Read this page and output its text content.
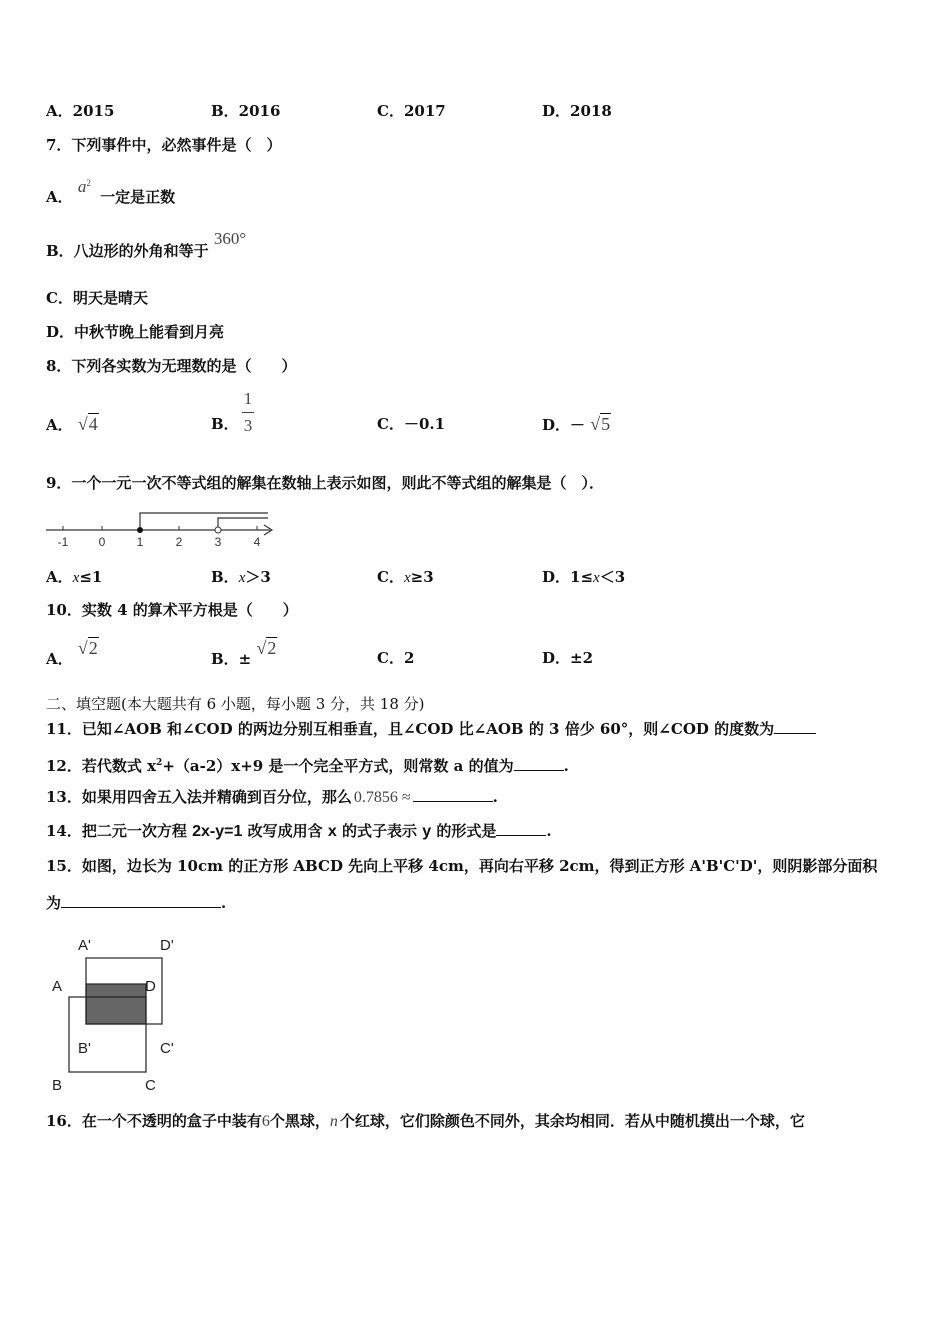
A．2015	B．2016	C．2017	D．2018
7．下列事件中，必然事件是（　）
A． $a^2$ 一定是正数
B．八边形的外角和等于 360°
C．明天是晴天
D．中秋节晚上能看到月亮
8．下列各实数为无理数的是（　　）
A． √4	B．
1
3	C．－0.1	D．－ √5
9．一个一元一次不等式组的解集在数轴上表示如图，则此不等式组的解集是（　）．
-1	0	1	2	3	4
A．x≤1	B．x＞3	C．x≥3	D．1≤x＜3
10．实数 4 的算术平方根是（　　）
A． √2
B．± √2	C．2	D．±2
二、填空题(本大题共有 6 小题，每小题 3 分，共 18 分)
11．已知∠AOB 和∠COD 的两边分别互相垂直，且∠COD 比∠AOB 的 3 倍少 60°，则∠COD 的度数为
12．若代数式 $x^2+(a-2)x+9$ 是一个完全平方式，则常数 a 的值为	.
13．如果用四舍五入法并精确到百分位，那么 0.7856 ≈	.
14．把二元一次方程 2x-y=1 改写成用含 x 的式子表示 y 的形式是	.
15．如图，边长为 10cm 的正方形 ABCD 先向上平移 4cm，再向右平移 2cm，得到正方形 A'B'C'D'，则阴影部分面积
为	.
A'	D'
A	D
B'	C'
B	C
16．在一个不透明的盒子中装有6个黑球，n 个红球，它们除颜色不同外，其余均相同．若从中随机摸出一个球，它
